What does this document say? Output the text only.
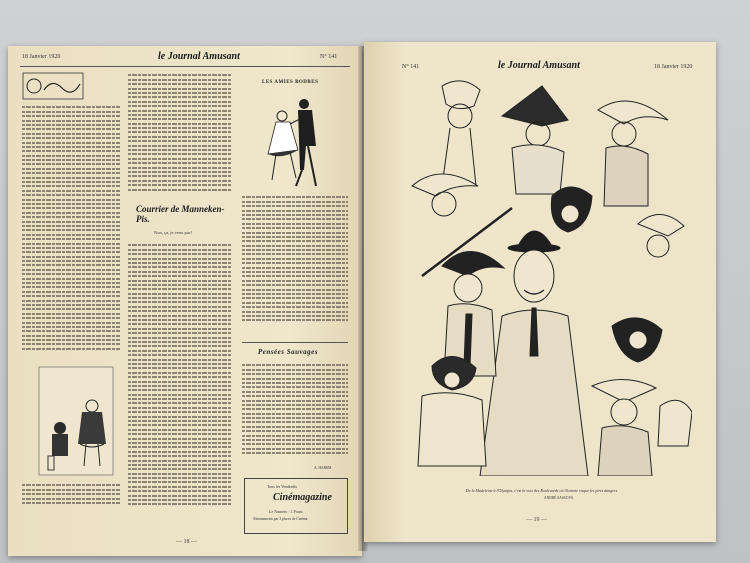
18 Janvier 1920	le Journal Amusant	N° 141
Courrier de Manneken-Pis.
Non, ça, je veux pas!
LES AMIES BODBES
Pensées Sauvages
A. HAREM
Tous les Vendredis
Cinémagazine
Le Numéro : 1 Franc.
Abonnements par 3 places de Cinéma
— 18 —
N° 141	le Journal Amusant	18 Janvier 1920
De la Madeleine à l'Olympia, c'est la voix des Boulevards où l'homme risque les pires dangers.
ANDRÉ SASSOVA
— 19 —
